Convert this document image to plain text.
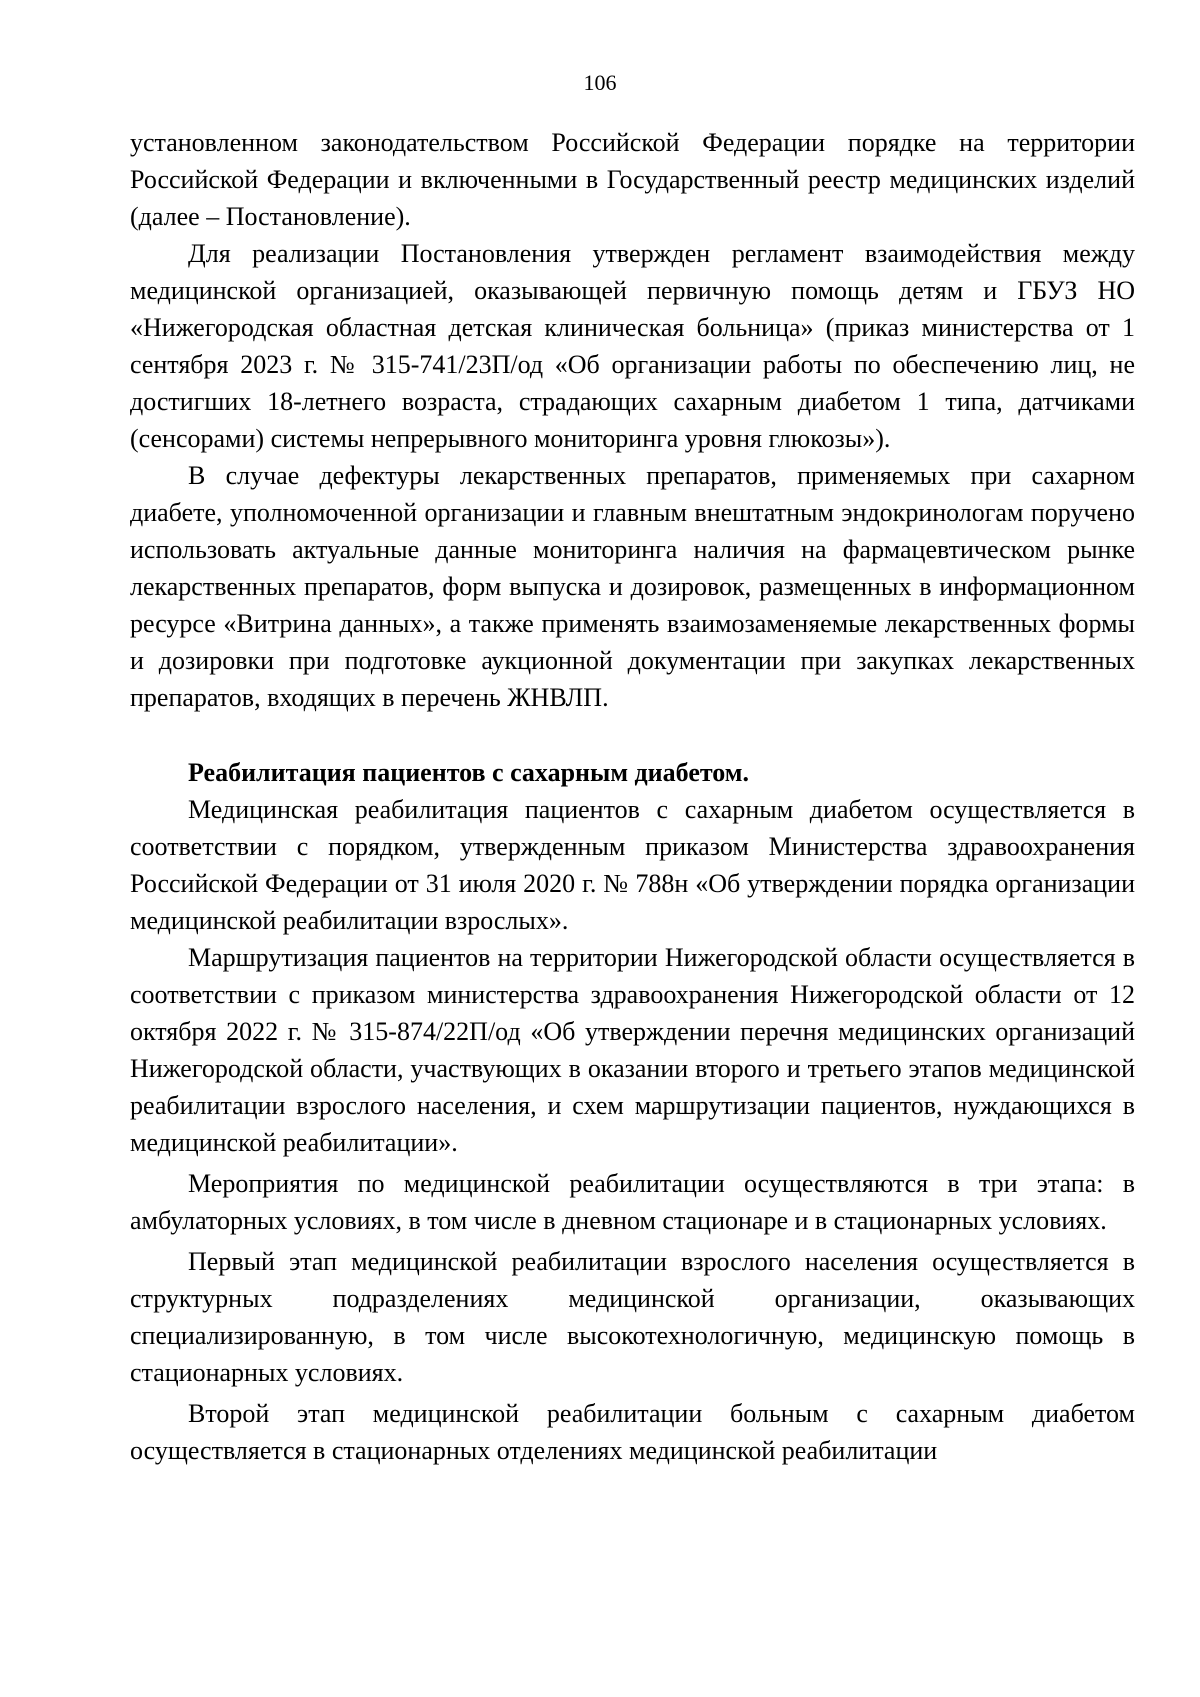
106

установленном законодательством Российской Федерации порядке на территории Российской Федерации и включенными в Государственный реестр медицинских изделий (далее – Постановление).

Для реализации Постановления утвержден регламент взаимодействия между медицинской организацией, оказывающей первичную помощь детям и ГБУЗ НО «Нижегородская областная детская клиническая больница» (приказ министерства от 1 сентября 2023 г. № 315-741/23П/од «Об организации работы по обеспечению лиц, не достигших 18-летнего возраста, страдающих сахарным диабетом 1 типа, датчиками (сенсорами) системы непрерывного мониторинга уровня глюкозы»).

В случае дефектуры лекарственных препаратов, применяемых при сахарном диабете, уполномоченной организации и главным внештатным эндокринологам поручено использовать актуальные данные мониторинга наличия на фармацевтическом рынке лекарственных препаратов, форм выпуска и дозировок, размещенных в информационном ресурсе «Витрина данных», а также применять взаимозаменяемые лекарственных формы и дозировки при подготовке аукционной документации при закупках лекарственных препаратов, входящих в перечень ЖНВЛП.

Реабилитация пациентов с сахарным диабетом.

Медицинская реабилитация пациентов с сахарным диабетом осуществляется в соответствии с порядком, утвержденным приказом Министерства здравоохранения Российской Федерации от 31 июля 2020 г. № 788н «Об утверждении порядка организации медицинской реабилитации взрослых».

Маршрутизация пациентов на территории Нижегородской области осуществляется в соответствии с приказом министерства здравоохранения Нижегородской области от 12 октября 2022 г. № 315-874/22П/од «Об утверждении перечня медицинских организаций Нижегородской области, участвующих в оказании второго и третьего этапов медицинской реабилитации взрослого населения, и схем маршрутизации пациентов, нуждающихся в медицинской реабилитации».

Мероприятия по медицинской реабилитации осуществляются в три этапа: в амбулаторных условиях, в том числе в дневном стационаре и в стационарных условиях.

Первый этап медицинской реабилитации взрослого населения осуществляется в структурных подразделениях медицинской организации, оказывающих специализированную, в том числе высокотехнологичную, медицинскую помощь в стационарных условиях.

Второй этап медицинской реабилитации больным с сахарным диабетом осуществляется в стационарных отделениях медицинской реабилитации
